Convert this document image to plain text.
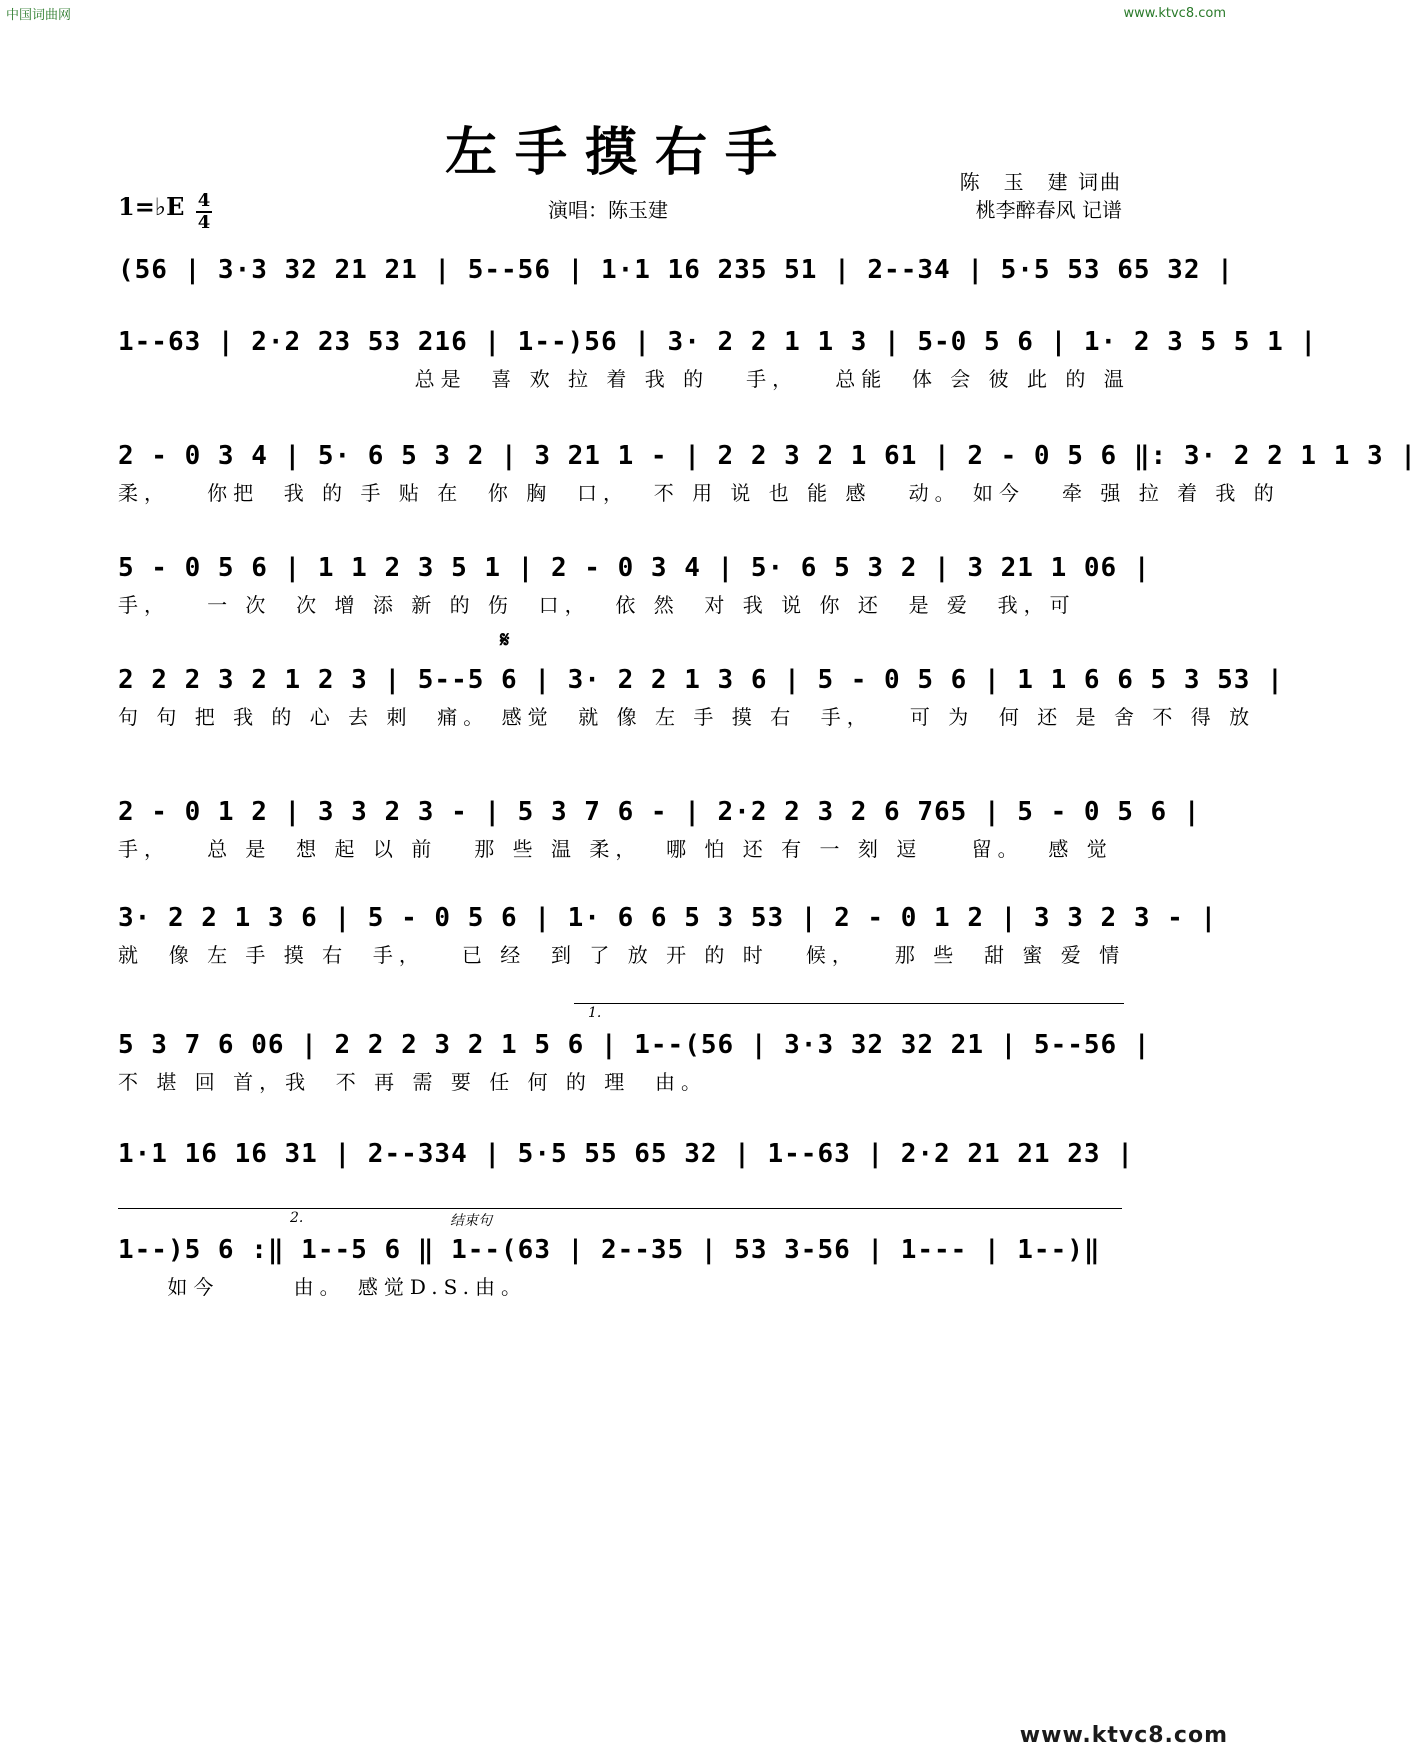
中国词曲网	www.ktvc8.com
左手摸右手
1=♭E 4
4
演唱：陈玉建
陈　玉　建 词曲
桃李醉春风 记谱
(56 | 3·3 32 21 21 | 5--56 | 1·1 16 235 51 | 2--34 | 5·5 53 65 32 |
1--63 | 2·2 23 53 216 | 1--)56 | 3· 2 2 1 1 3 | 5-0 5 6 | 1· 2 3 5 5 1 |
总是  喜 欢 拉 着 我 的   手，   总能  体 会 彼 此 的 温
2 - 0 3 4 | 5· 6 5 3 2 | 3 21 1 - | 2 2 3 2 1 61 | 2 - 0 5 6 ‖: 3· 2 2 1 1 3 |
柔，   你把  我 的 手 贴 在  你 胸  口，  不 用 说 也 能 感   动。 如今   牵 强 拉 着 我 的
5 - 0 5 6 | 1 1 2 3 5 1 | 2 - 0 3 4 | 5· 6 5 3 2 | 3 21 1 06 |
手，   一 次  次 增 添 新 的 伤  口，  依 然  对 我 说 你 还  是 爱  我，可
𝄋
2 2 2 3 2 1 2 3 | 5--5 6 | 3· 2 2 1 3 6 | 5 - 0 5 6 | 1 1 6 6 5 3 53 |
句 句 把 我 的 心 去 刺  痛。 感觉  就 像 左 手 摸 右  手，   可 为  何 还 是 舍 不 得 放
2 - 0 1 2 | 3 3 2 3 - | 5 3 7 6 - | 2·2 2 3 2 6 765 | 5 - 0 5 6 |
手，   总 是  想 起 以 前   那 些 温 柔，  哪 怕 还 有 一 刻 逗    留。  感 觉
3· 2 2 1 3 6 | 5 - 0 5 6 | 1· 6 6 5 3 53 | 2 - 0 1 2 | 3 3 2 3 - |
就  像 左 手 摸 右  手，   已 经  到 了 放 开 的 时   候，   那 些  甜 蜜 爱 情
1.
5 3 7 6 06 | 2 2 2 3 2 1 5 6 | 1--(56 | 3·3 32 32 21 | 5--56 |
不 堪 回 首，我  不 再 需 要 任 何 的 理  由。
1·1 16 16 31 | 2--334 | 5·5 55 65 32 | 1--63 | 2·2 21 21 23 |
2.	结束句
1--)5 6 :‖ 1--5 6 ‖ 1--(63 | 2--35 | 53 3-56 | 1--- | 1--)‖
如今      由。 感觉D.S.由。
www.ktvc8.com
